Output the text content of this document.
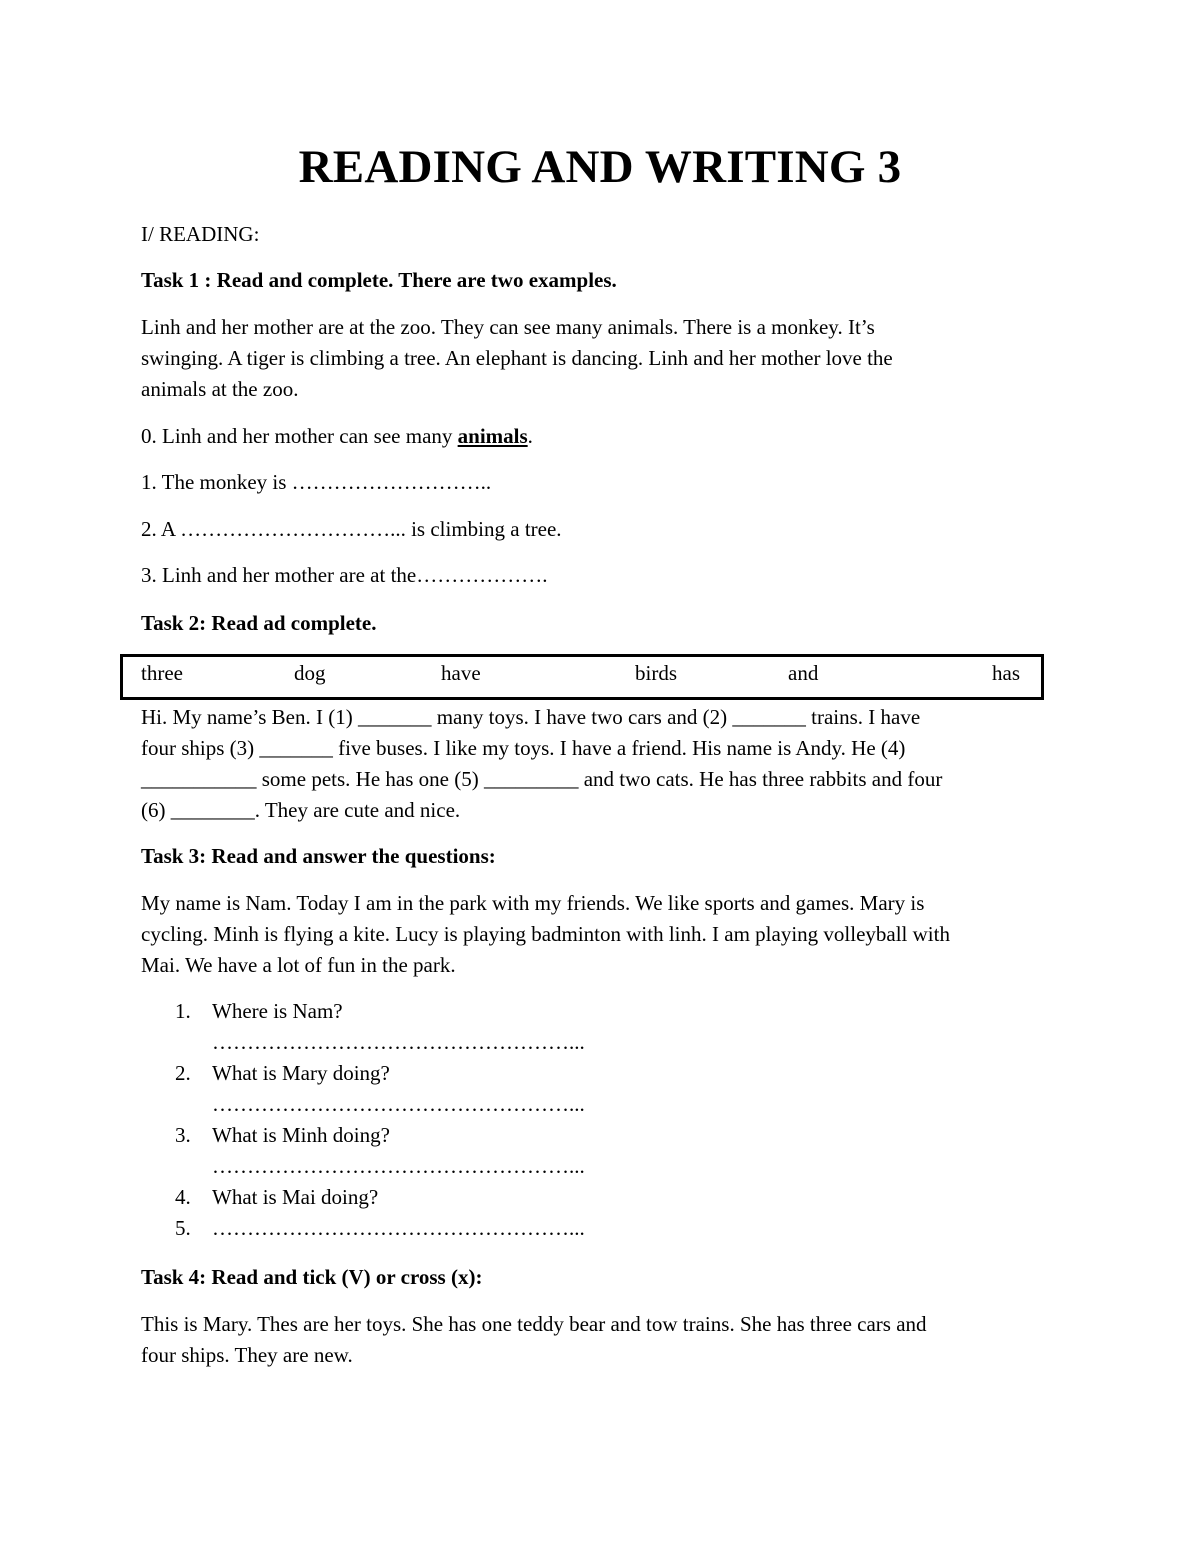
READING AND WRITING 3
I/ READING:
Task 1 : Read and complete. There are two examples.

Linh and her mother are at the zoo. They can see many animals. There is a monkey. It’s

swinging. A tiger is climbing a tree. An elephant is dancing. Linh and her mother love the

animals at the zoo.

0. Linh and her mother can see many animals.
1. The monkey is ………………………..
2. A …………………………... is climbing a tree.
3. Linh and her mother are at the……………….
Task 2: Read ad complete.
three	dog	have	birds	and	has

Hi. My name’s Ben. I (1) _______ many toys. I have two cars and (2) _______ trains. I have

four ships (3) _______ five buses. I like my toys. I have a friend. His name is Andy. He (4)

___________ some pets. He has one (5) _________ and two cats. He has three rabbits and four

(6) ________. They are cute and nice.

Task 3: Read and answer the questions:

My name is Nam. Today I am in the park with my friends. We like sports and games. Mary is

cycling. Minh is flying a kite. Lucy is playing badminton with linh. I am playing volleyball with

Mai. We have a lot of fun in the park.

1. Where is Nam?
……………………………………………...
2. What is Mary doing?
……………………………………………...
3. What is Minh doing?
……………………………………………...
4. What is Mai doing?
5. ……………………………………………...
Task 4: Read and tick (V) or cross (x):

This is Mary. Thes are her toys. She has one teddy bear and tow trains. She has three cars and

four ships. They are new.
